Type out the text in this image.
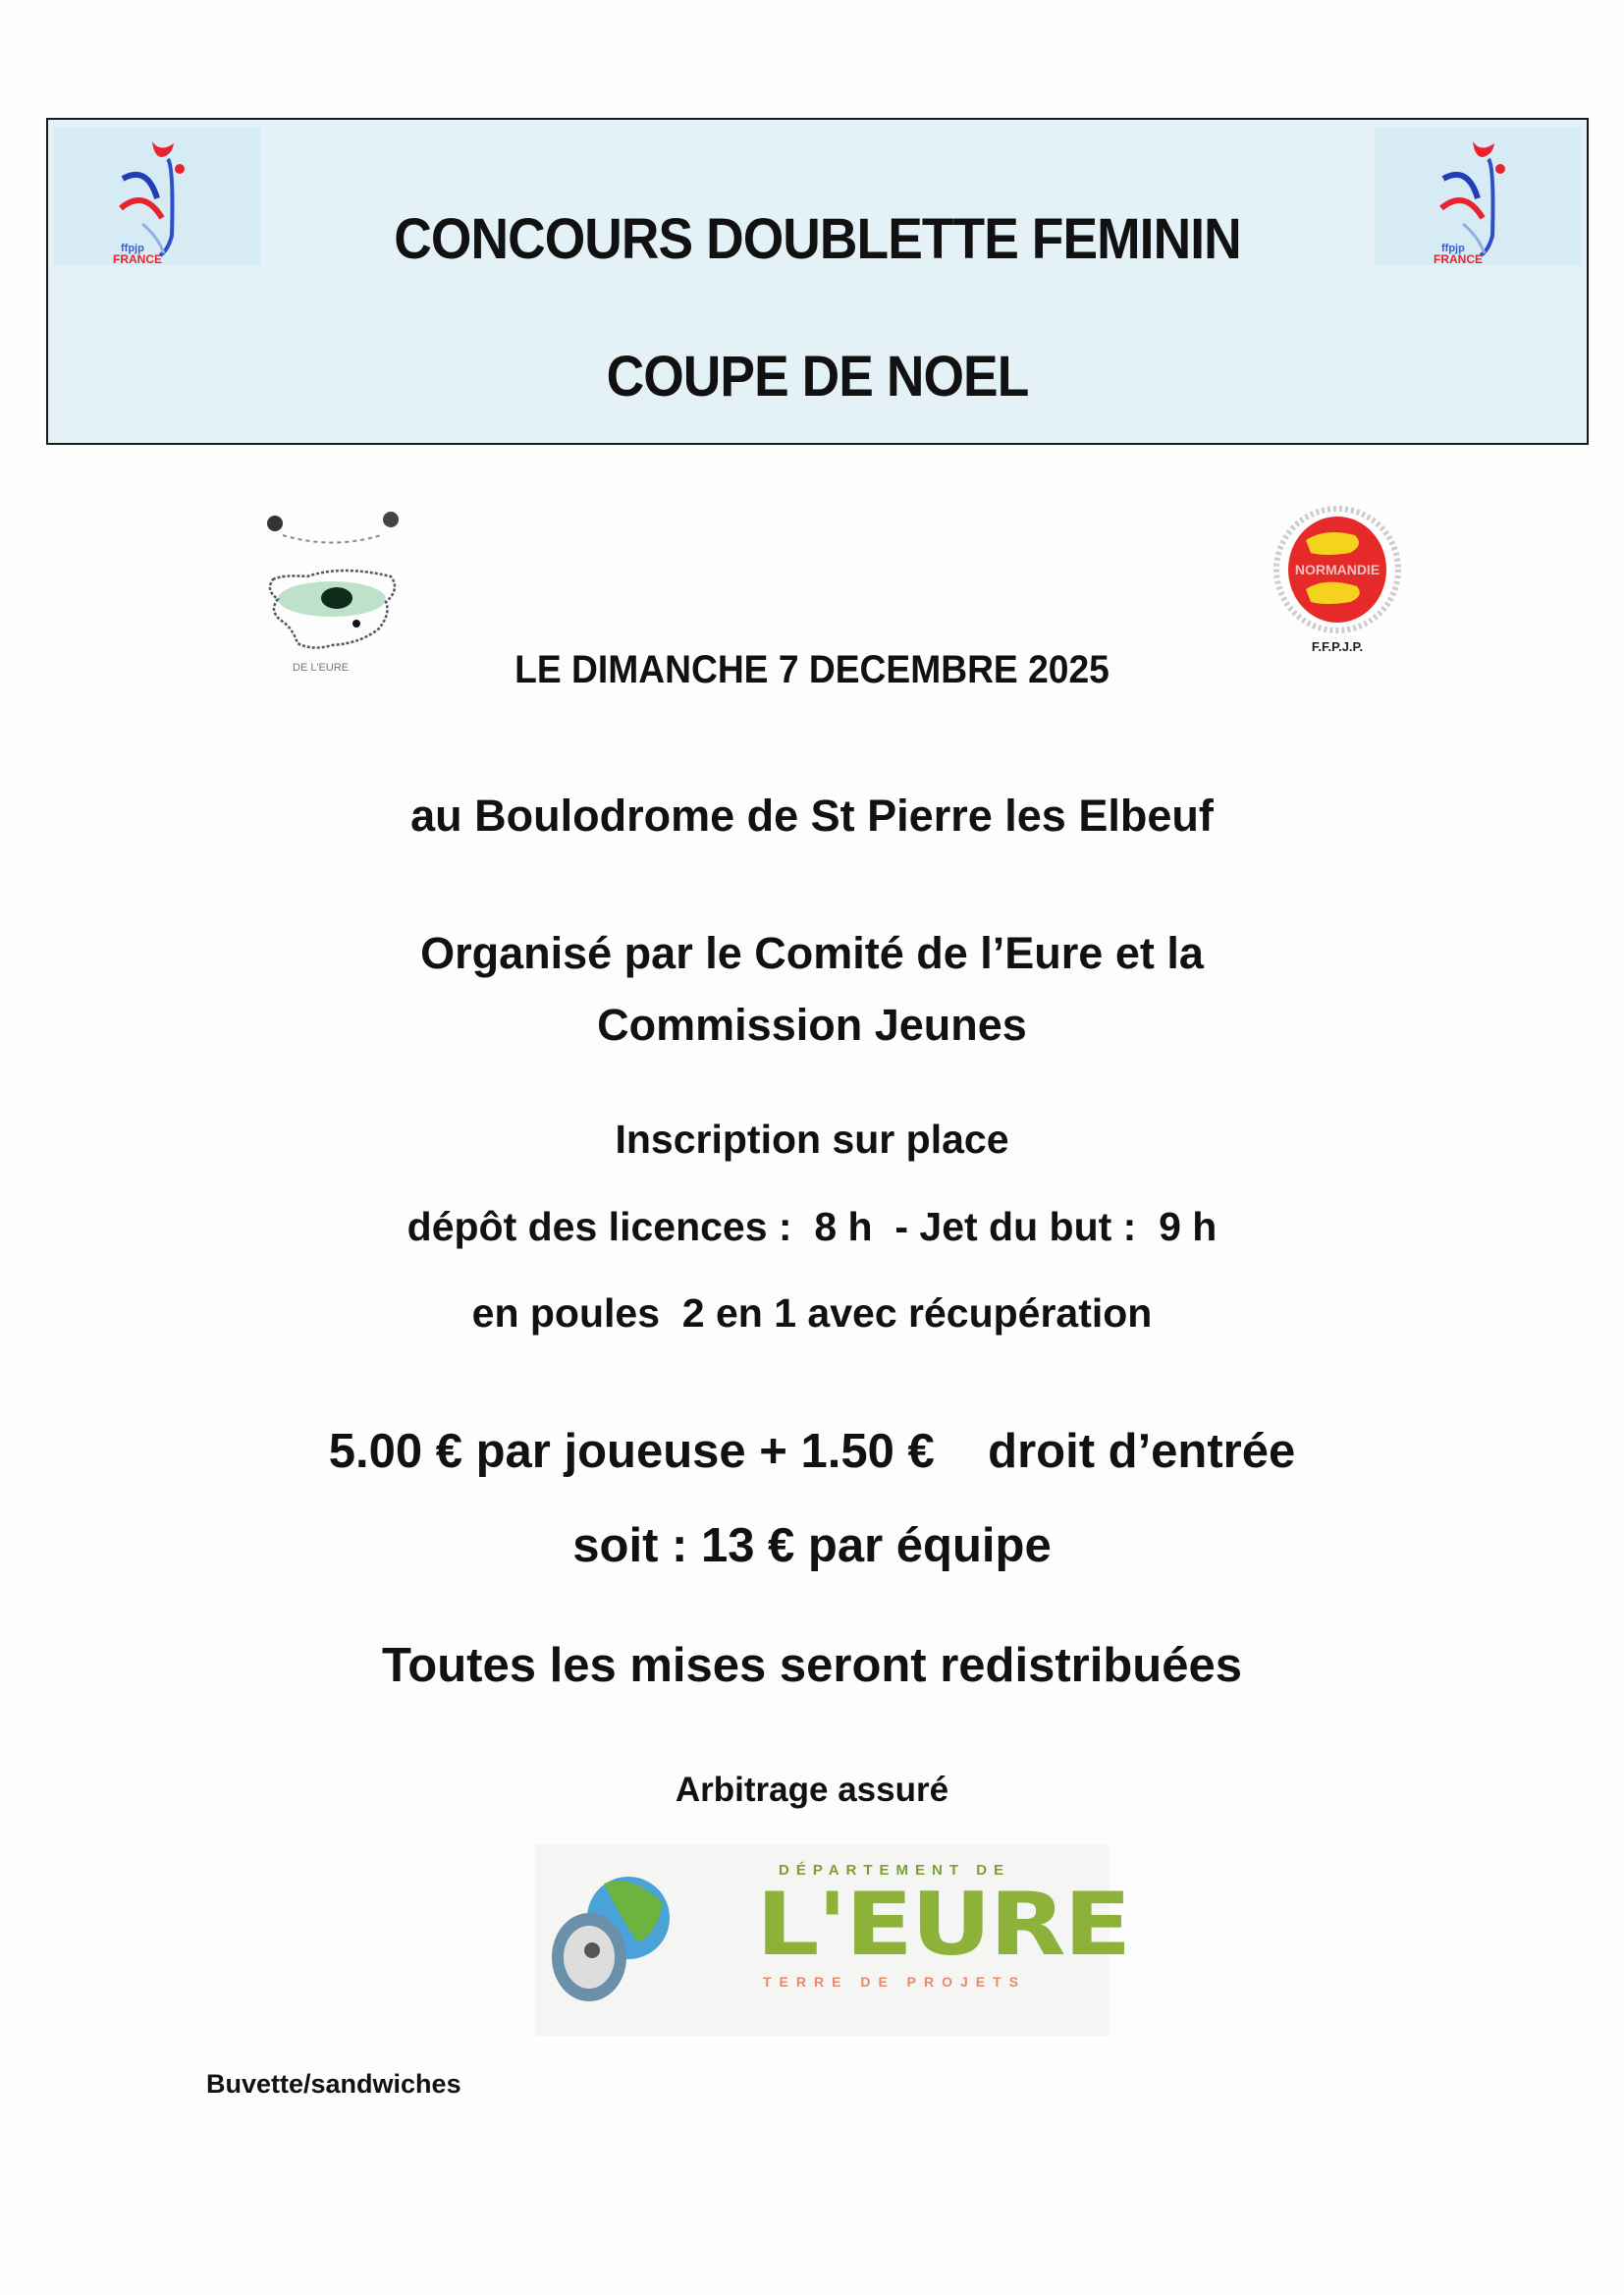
ffpjp
FRANCE
ffpjp
FRANCE
CONCOURS DOUBLETTE FEMININ
COUPE DE NOEL
DE L'EURE
NORMANDIE
F.F.P.J.P.
LE DIMANCHE 7 DECEMBRE 2025
au Boulodrome de St Pierre les Elbeuf
Organisé par le Comité de l’Eure et la
Commission Jeunes
Inscription sur place
dépôt des licences :  8 h  - Jet du but :  9 h
en poules  2 en 1 avec récupération
5.00 € par joueuse + 1.50 €    droit d’entrée
soit : 13 € par équipe
Toutes les mises seront redistribuées
Arbitrage assuré
DÉPARTEMENT DE
L'EURE
TERRE DE PROJETS
Buvette/sandwiches
